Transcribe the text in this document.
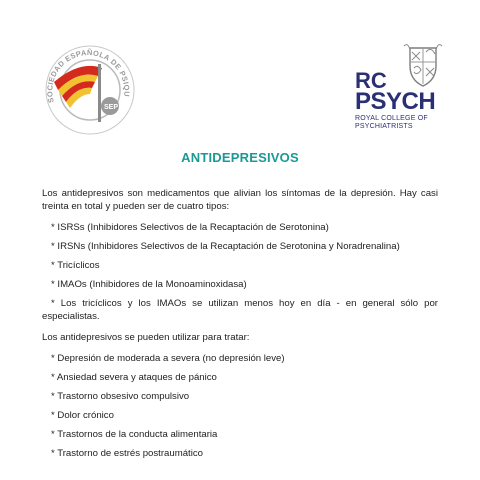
SEP
SOCIEDAD ESPAÑOLA DE PSIQU
RC
PSYCH
ROYAL COLLEGE OF
PSYCHIATRISTS
ANTIDEPRESIVOS

Los antidepresivos son medicamentos que alivian los síntomas de la depresión. Hay casi treinta en total y pueden ser de cuatro tipos:

* ISRSs (Inhibidores Selectivos de la Recaptación de Serotonina)

* IRSNs (Inhibidores Selectivos de la Recaptación de Serotonina y Noradrenalina)

* Tricíclicos

* IMAOs (Inhibidores de la Monoaminoxidasa)

* Los tricíclicos y los IMAOs se utilizan menos hoy en día - en general sólo por especialistas.

Los antidepresivos se pueden utilizar para tratar:

* Depresión de moderada a severa (no depresión leve)

* Ansiedad severa y ataques de pánico

* Trastorno obsesivo compulsivo

* Dolor crónico

* Trastornos de la conducta alimentaria

* Trastorno de estrés postraumático
